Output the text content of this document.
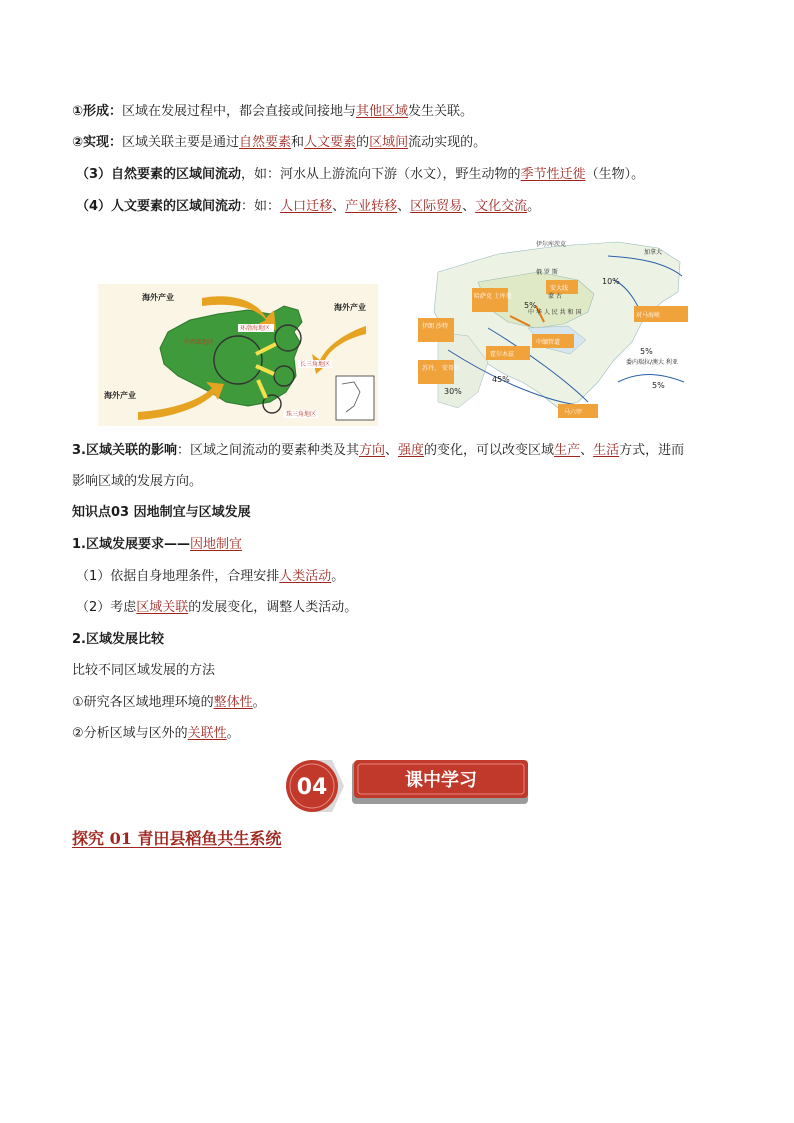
①形成：区域在发展过程中，都会直接或间接地与其他区域发生关联。
②实现：区域关联主要是通过自然要素和人文要素的区域间流动实现的。
（3）自然要素的区域间流动，如：河水从上游流向下游（水文），野生动物的季节性迁徙（生物）。
（4）人文要素的区域间流动：如：人口迁移、产业转移、区际贸易、文化交流。
海外产业
海外产业
海外产业
环渤海地区
中西部地区
长三角地区
珠三角地区
伊尔库茨克
加拿大
俄 罗 斯
蒙 古
哈萨克 土库曼
安大线
伊朗 沙特
中缅管道
对马海峡
苏丹、 安哥拉
马六甲
霍尔木兹
中 华 人 民 共 和 国
委内瑞拉/澳大 利亚
10%
5%
5%
5%
45%
30%
3.区域关联的影响：区域之间流动的要素种类及其方向、强度的变化，可以改变区域生产、生活方式，进而
影响区域的发展方向。
知识点03 因地制宜与区域发展
1.区域发展要求——因地制宜
（1）依据自身地理条件，合理安排人类活动。
（2）考虑区域关联的发展变化，调整人类活动。
2.区域发展比较
比较不同区域发展的方法
①研究各区域地理环境的整体性。
②分析区域与区外的关联性。
04	课中学习
探究 01 青田县稻鱼共生系统
